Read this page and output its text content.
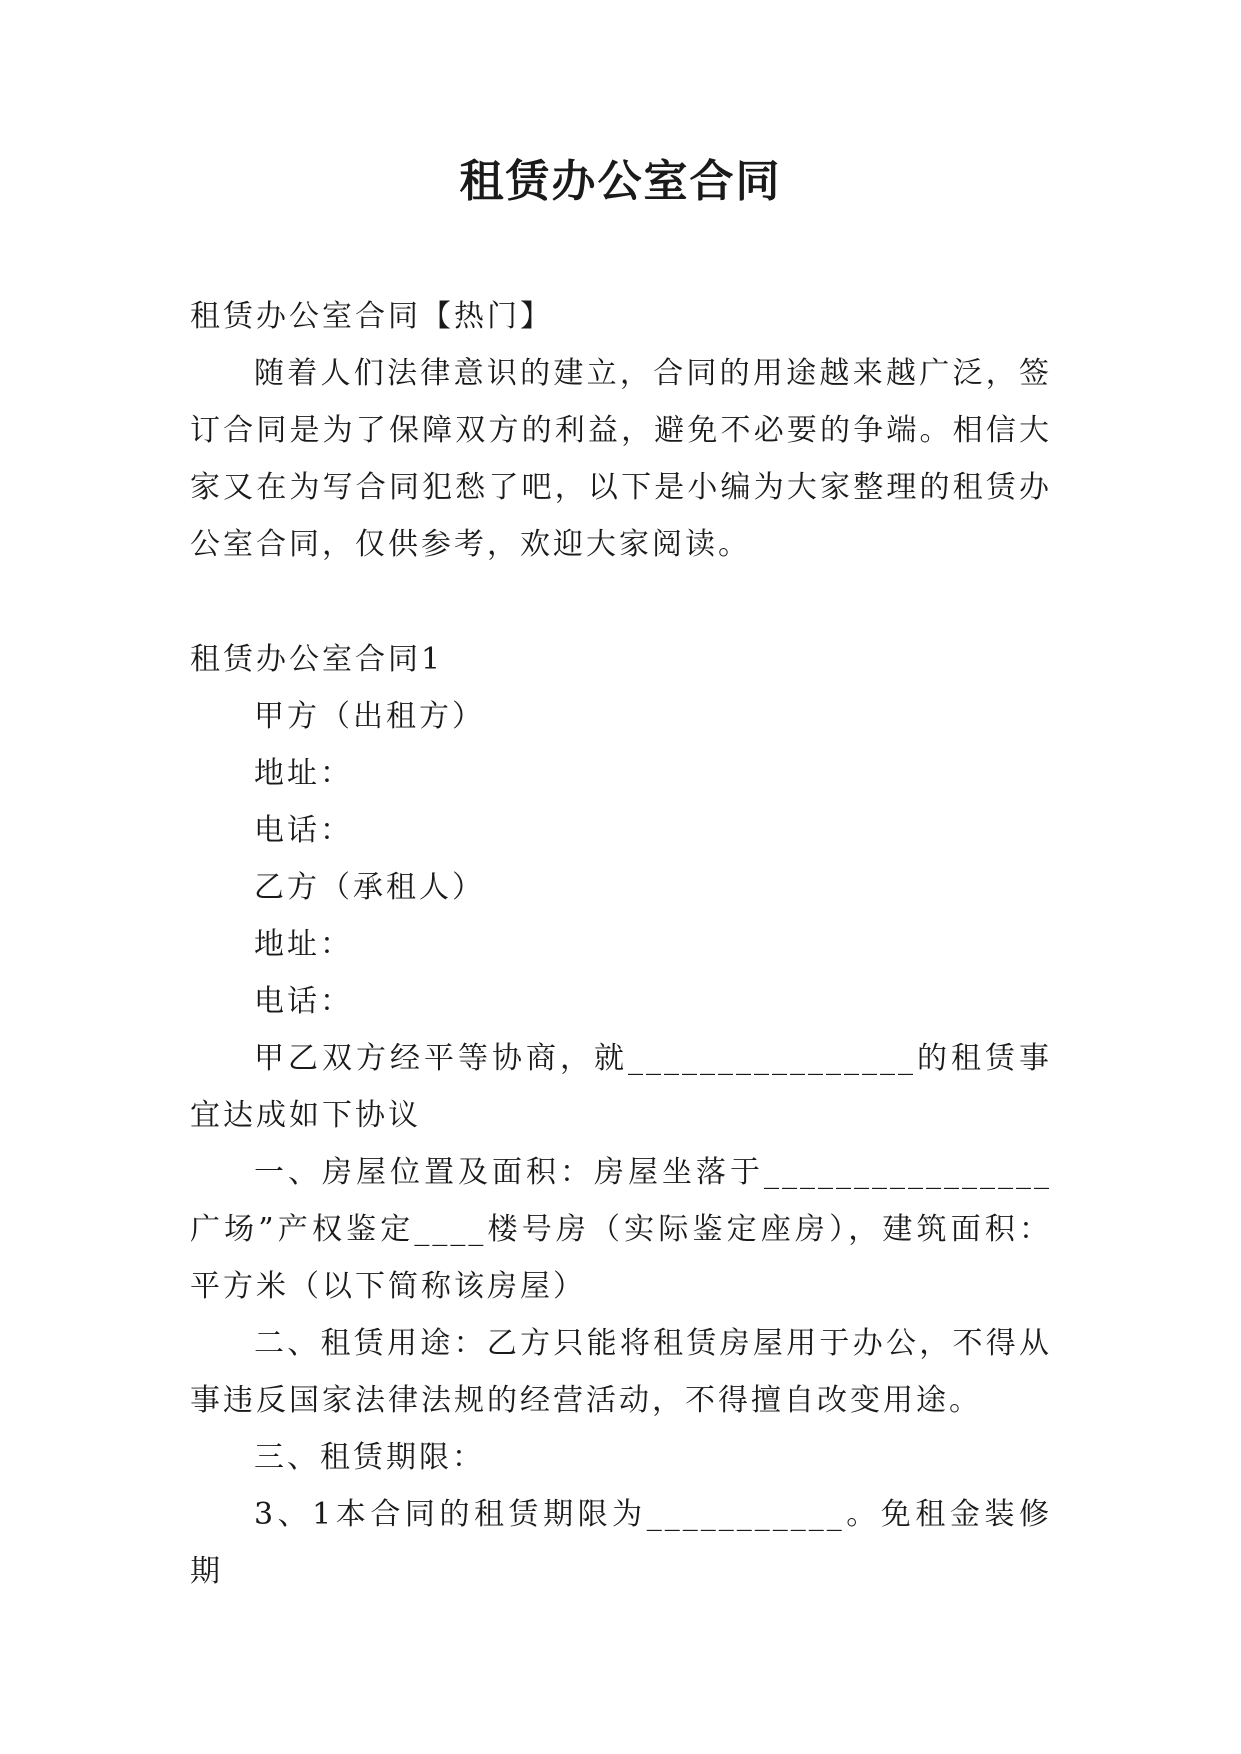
租赁办公室合同

租赁办公室合同【热门】

随着人们法律意识的建立，合同的用途越来越广泛，签订合同是为了保障双方的利益，避免不必要的争端。相信大家又在为写合同犯愁了吧，以下是小编为大家整理的租赁办公室合同，仅供参考，欢迎大家阅读。

租赁办公室合同1

甲方（出租方）

地址：

电话：

乙方（承租人）

地址：

电话：

甲乙双方经平等协商，就________________的租赁事宜达成如下协议

一、房屋位置及面积：房屋坐落于________________广场”产权鉴定____楼号房（实际鉴定座房），建筑面积：平方米（以下简称该房屋）

二、租赁用途：乙方只能将租赁房屋用于办公，不得从事违反国家法律法规的经营活动，不得擅自改变用途。

三、租赁期限：

3、1本合同的租赁期限为___________。免租金装修期
